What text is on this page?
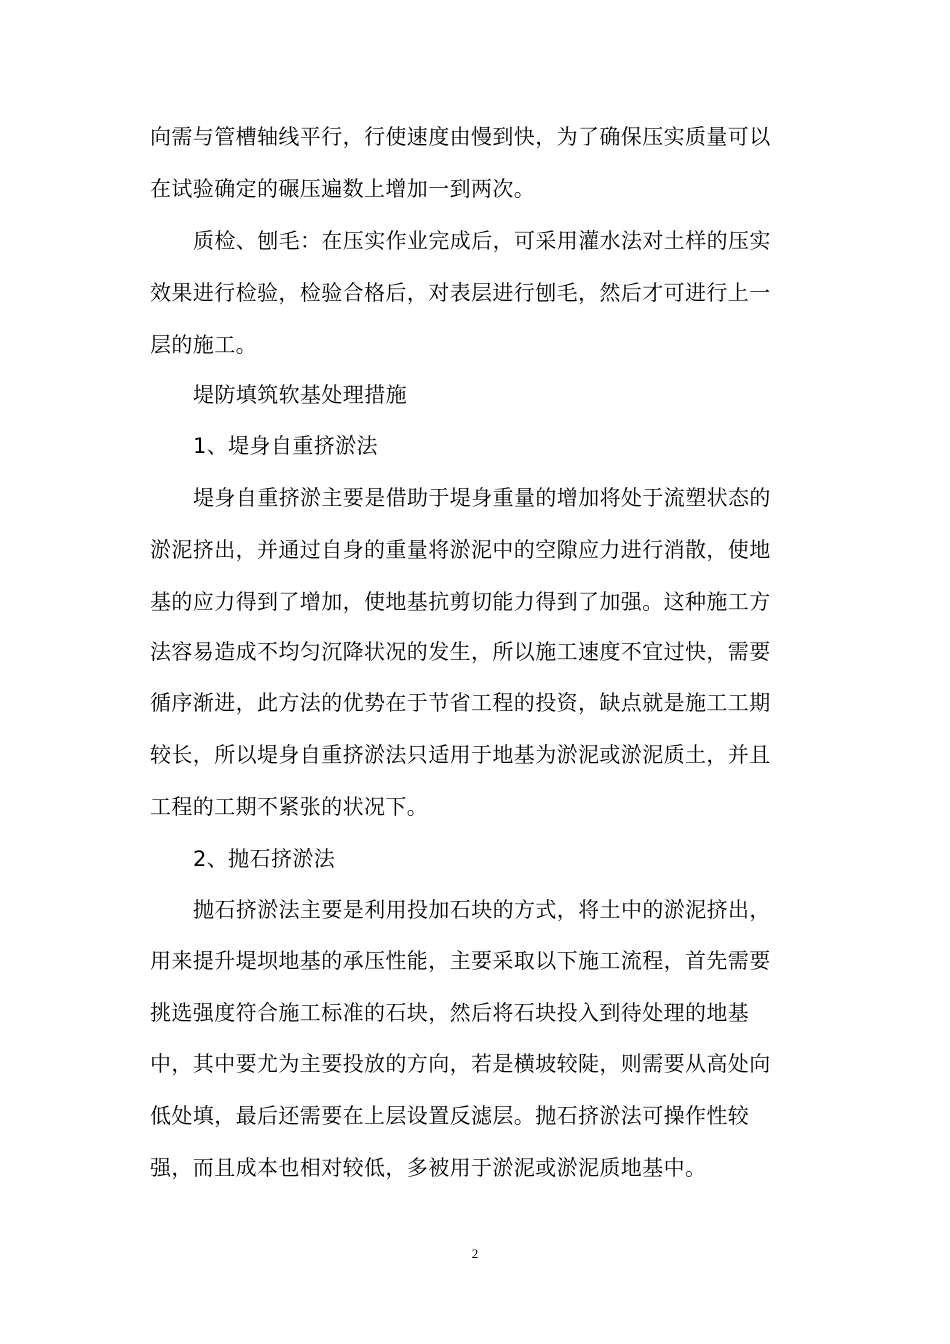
向需与管槽轴线平行，行使速度由慢到快，为了确保压实质量可以
在试验确定的碾压遍数上增加一到两次。
质检、刨毛：在压实作业完成后，可采用灌水法对土样的压实
效果进行检验，检验合格后，对表层进行刨毛，然后才可进行上一
层的施工。
堤防填筑软基处理措施
1、堤身自重挤淤法
堤身自重挤淤主要是借助于堤身重量的增加将处于流塑状态的
淤泥挤出，并通过自身的重量将淤泥中的空隙应力进行消散，使地
基的应力得到了增加，使地基抗剪切能力得到了加强。这种施工方
法容易造成不均匀沉降状况的发生，所以施工速度不宜过快，需要
循序渐进，此方法的优势在于节省工程的投资，缺点就是施工工期
较长，所以堤身自重挤淤法只适用于地基为淤泥或淤泥质土，并且
工程的工期不紧张的状况下。
2、抛石挤淤法
抛石挤淤法主要是利用投加石块的方式，将土中的淤泥挤出，
用来提升堤坝地基的承压性能，主要采取以下施工流程，首先需要
挑选强度符合施工标准的石块，然后将石块投入到待处理的地基
中，其中要尤为主要投放的方向，若是横坡较陡，则需要从高处向
低处填，最后还需要在上层设置反滤层。抛石挤淤法可操作性较
强，而且成本也相对较低，多被用于淤泥或淤泥质地基中。
2
